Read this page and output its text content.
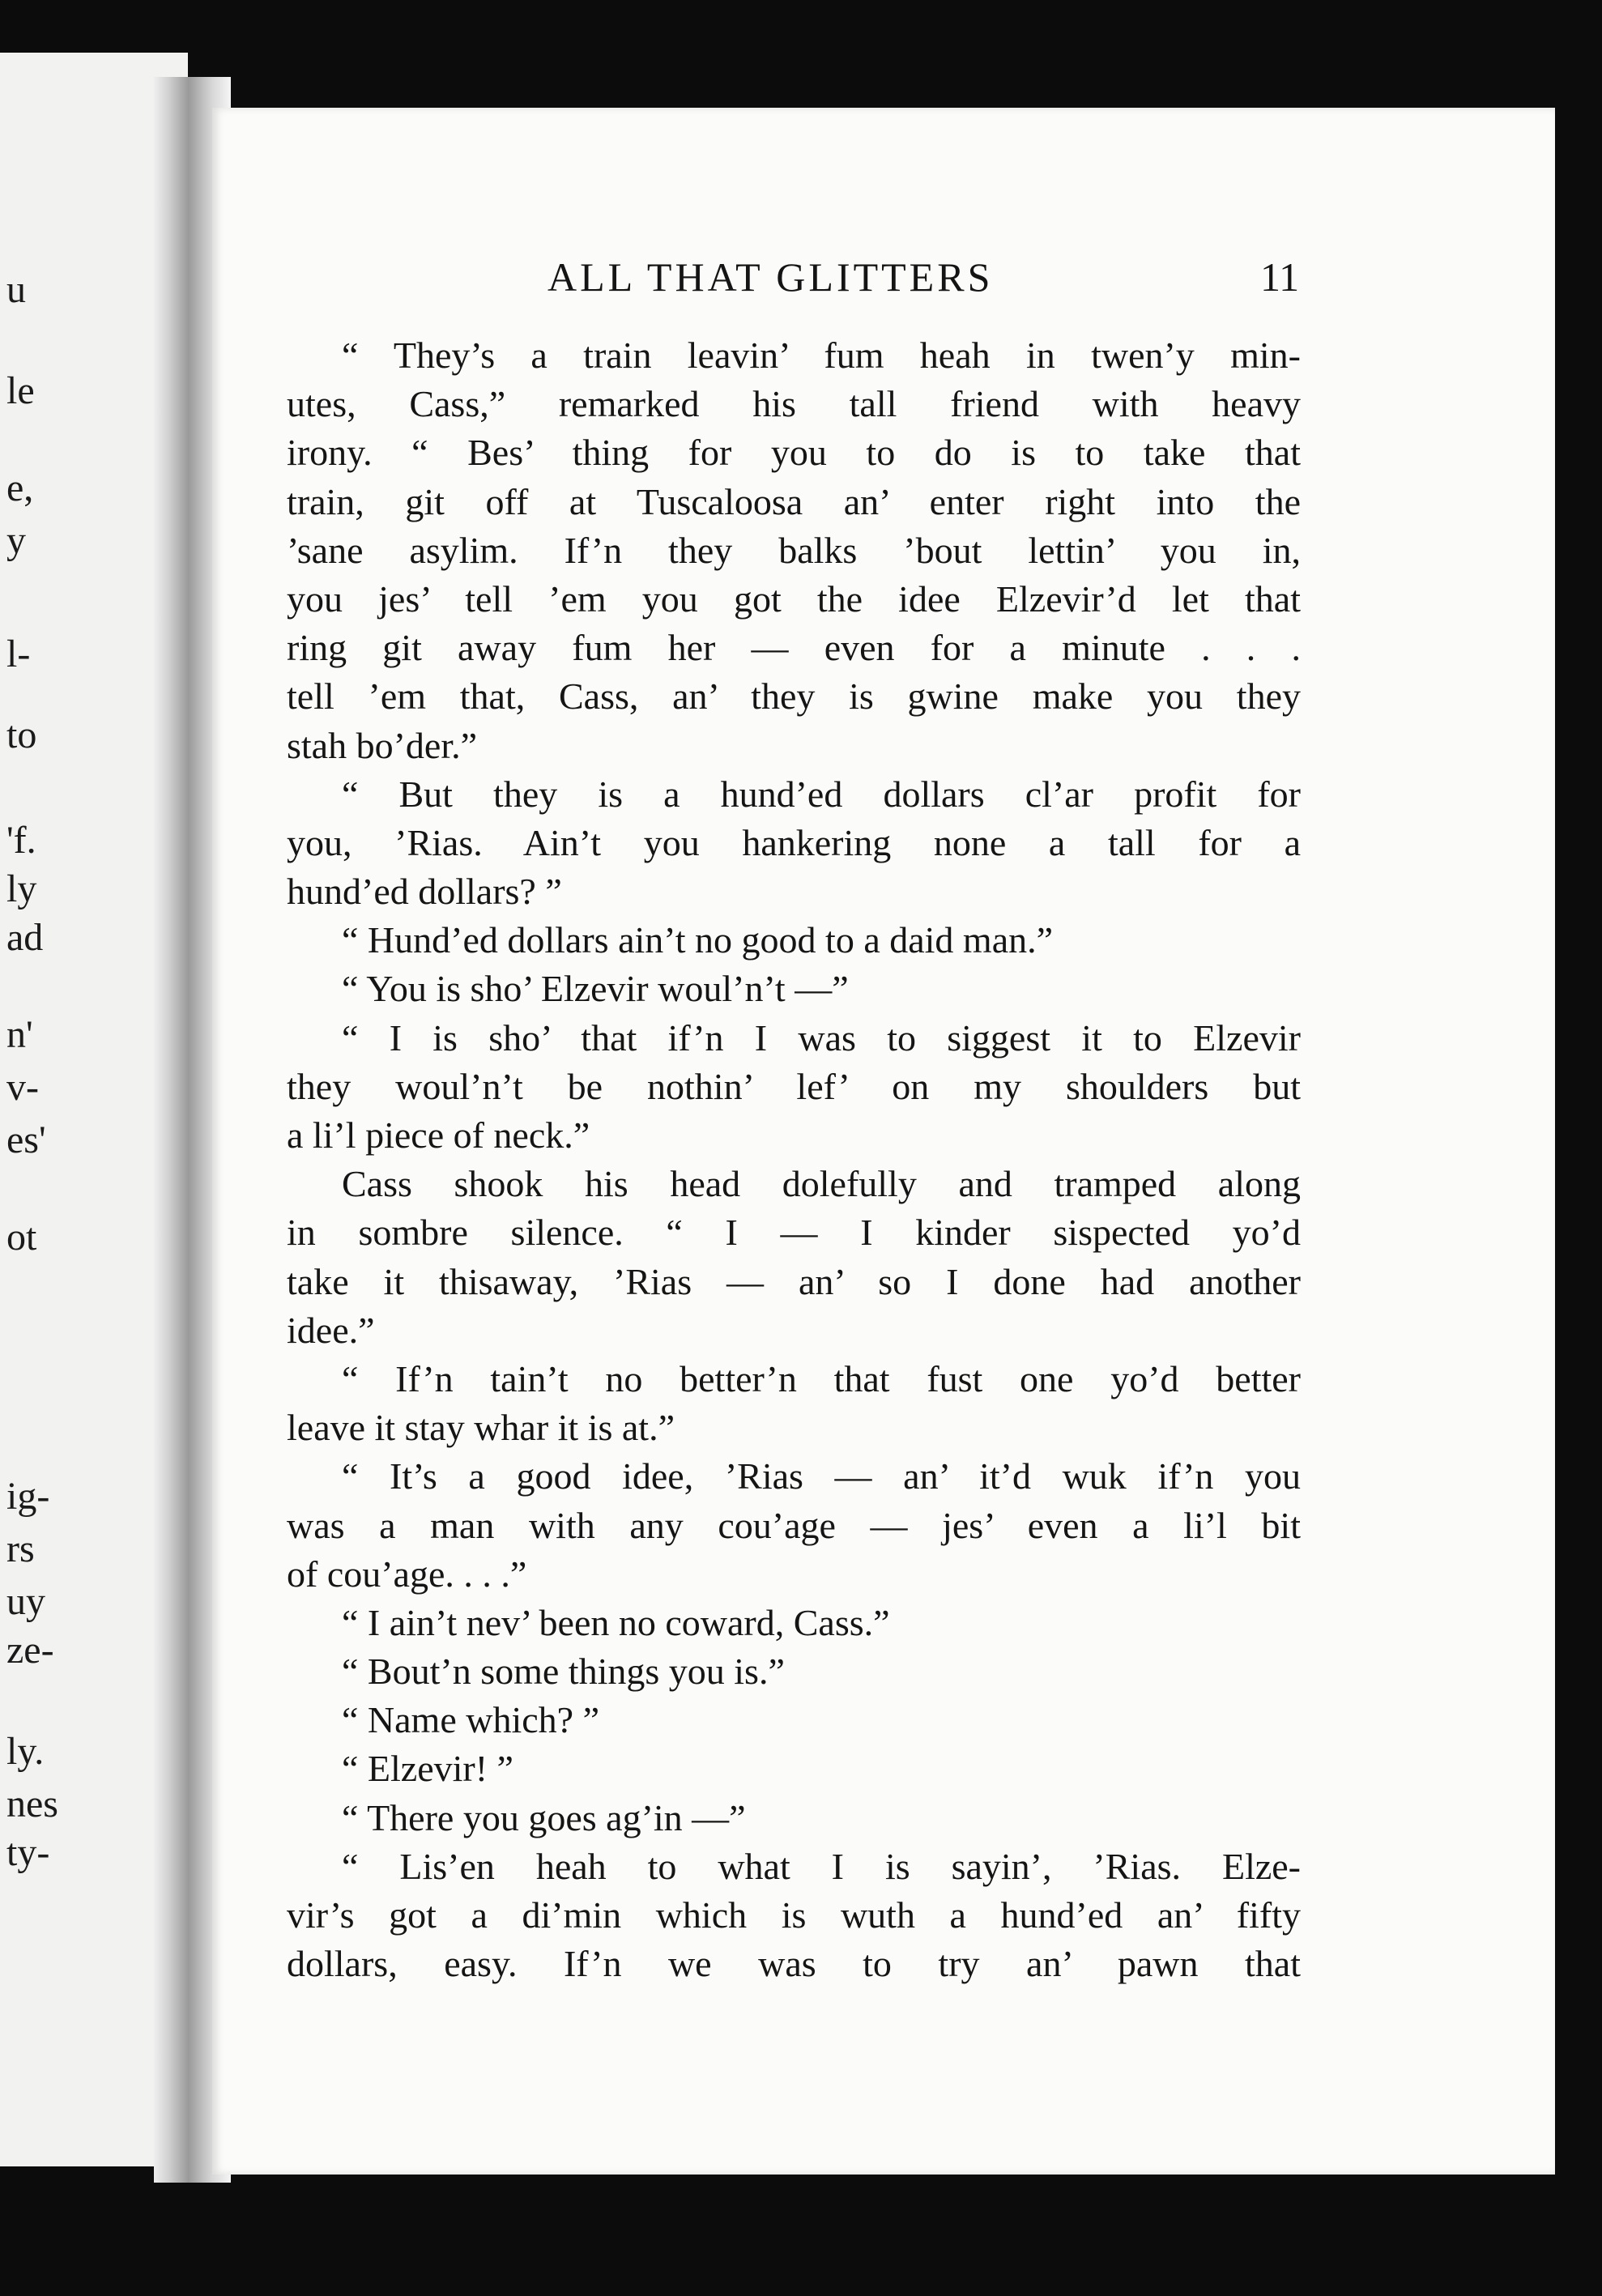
u
le
e,
y
l-
to
'f.
ly
ad
n'
v-
es'
ot
ig-
rs
uy
ze-
ly.
nes
ty-
ALL THAT GLITTERS	11
“ They’s a train leavin’ fum heah in twen’y min-
utes, Cass,” remarked his tall friend with heavy
irony. “ Bes’ thing for you to do is to take that
train, git off at Tuscaloosa an’ enter right into the
’sane asylim. If’n they balks ’bout lettin’ you in,
you jes’ tell ’em you got the idee Elzevir’d let that
ring git away fum her — even for a minute . . .
tell ’em that, Cass, an’ they is gwine make you they
stah bo’der.”
“ But they is a hund’ed dollars cl’ar profit for
you, ’Rias. Ain’t you hankering none a tall for a
hund’ed dollars? ”
“ Hund’ed dollars ain’t no good to a daid man.”
“ You is sho’ Elzevir woul’n’t —”
“ I is sho’ that if’n I was to siggest it to Elzevir
they woul’n’t be nothin’ lef’ on my shoulders but
a li’l piece of neck.”
Cass shook his head dolefully and tramped along
in sombre silence. “ I — I kinder sispected yo’d
take it thisaway, ’Rias — an’ so I done had another
idee.”
“ If’n tain’t no better’n that fust one yo’d better
leave it stay whar it is at.”
“ It’s a good idee, ’Rias — an’ it’d wuk if’n you
was a man with any cou’age — jes’ even a li’l bit
of cou’age. . . .”
“ I ain’t nev’ been no coward, Cass.”
“ Bout’n some things you is.”
“ Name which? ”
“ Elzevir! ”
“ There you goes ag’in —”
“ Lis’en heah to what I is sayin’, ’Rias. Elze-
vir’s got a di’min which is wuth a hund’ed an’ fifty
dollars, easy. If’n we was to try an’ pawn that
